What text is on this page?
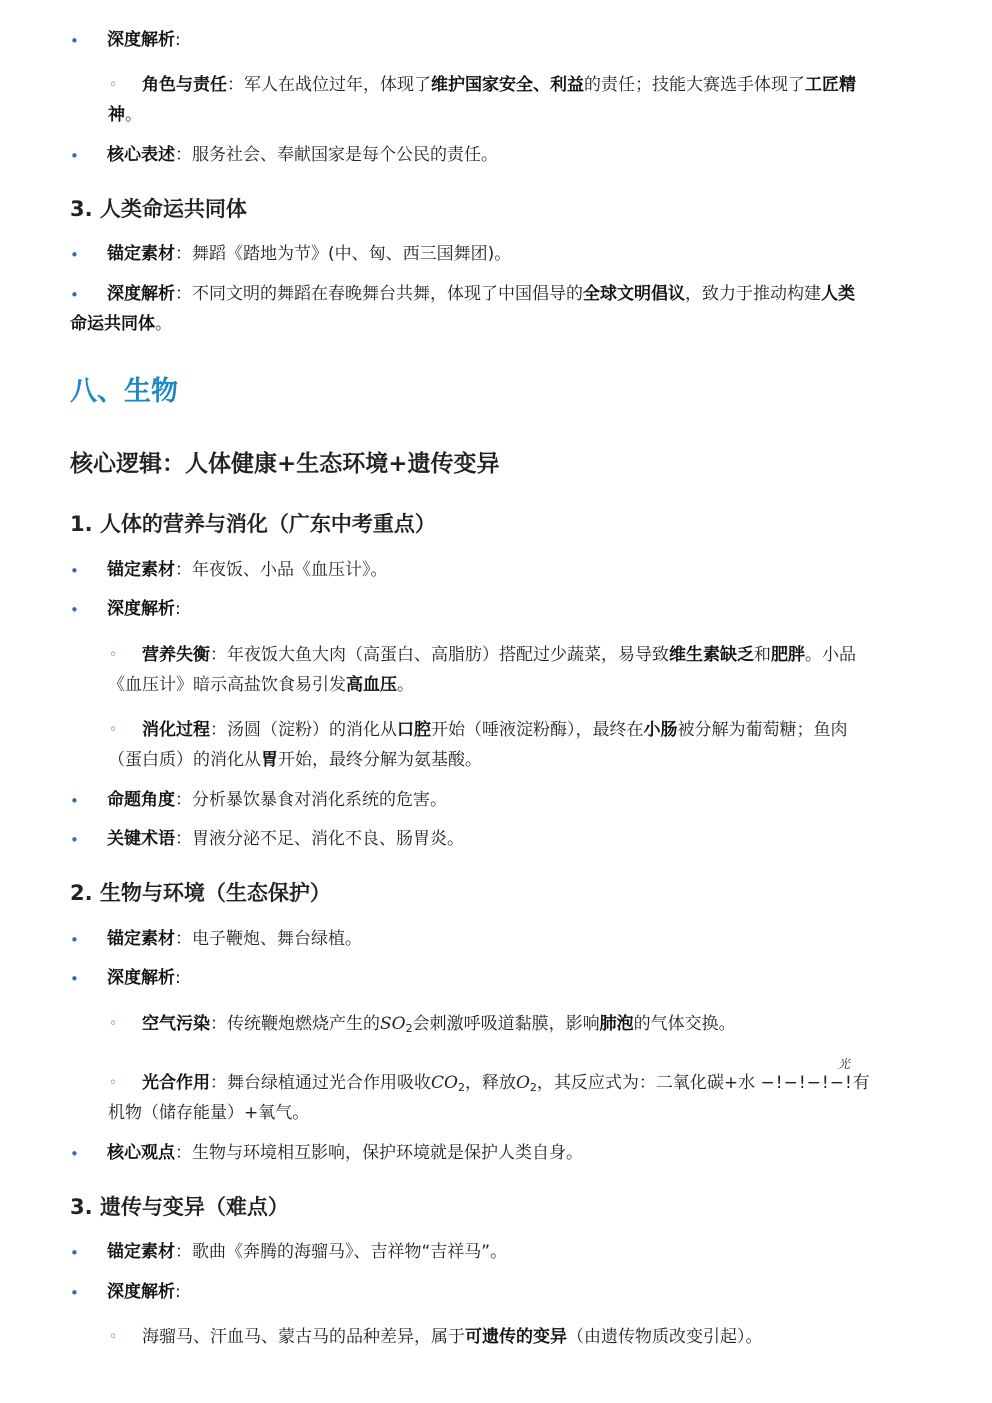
• 深度解析:
◦ 角色与责任：军人在战位过年，体现了维护国家安全、利益的责任；技能大赛选手体现了工匠精
神。
• 核心表述：服务社会、奉献国家是每个公民的责任。
3. 人类命运共同体
• 锚定素材：舞蹈《踏地为节》(中、匈、西三国舞团)。
• 深度解析：不同文明的舞蹈在春晚舞台共舞，体现了中国倡导的全球文明倡议，致力于推动构建人类
命运共同体。
八、生物
核心逻辑：人体健康+生态环境+遗传变异
1. 人体的营养与消化（广东中考重点）
• 锚定素材：年夜饭、小品《血压计》。
• 深度解析:
◦ 营养失衡：年夜饭大鱼大肉（高蛋白、高脂肪）搭配过少蔬菜，易导致维生素缺乏和肥胖。小品
《血压计》暗示高盐饮食易引发高血压。
◦ 消化过程：汤圆（淀粉）的消化从口腔开始（唾液淀粉酶），最终在小肠被分解为葡萄糖；鱼肉
（蛋白质）的消化从胃开始，最终分解为氨基酸。
• 命题角度：分析暴饮暴食对消化系统的危害。
• 关键术语：胃液分泌不足、消化不良、肠胃炎。
2. 生物与环境（生态保护）
• 锚定素材：电子鞭炮、舞台绿植。
• 深度解析:
◦ 空气污染：传统鞭炮燃烧产生的$SO_2$会刺激呼吸道黏膜，影响肺泡的气体交换。
光
◦ 光合作用：舞台绿植通过光合作用吸收$CO_2$，释放$O_2$，其反应式为：二氧化碳+水 −!−!−!−!有
机物（储存能量）+氧气。
• 核心观点：生物与环境相互影响，保护环境就是保护人类自身。
3. 遗传与变异（难点）
• 锚定素材：歌曲《奔腾的海骝马》、吉祥物“吉祥马”。
• 深度解析:
◦ 海骝马、汗血马、蒙古马的品种差异，属于可遗传的变异（由遗传物质改变引起）。
